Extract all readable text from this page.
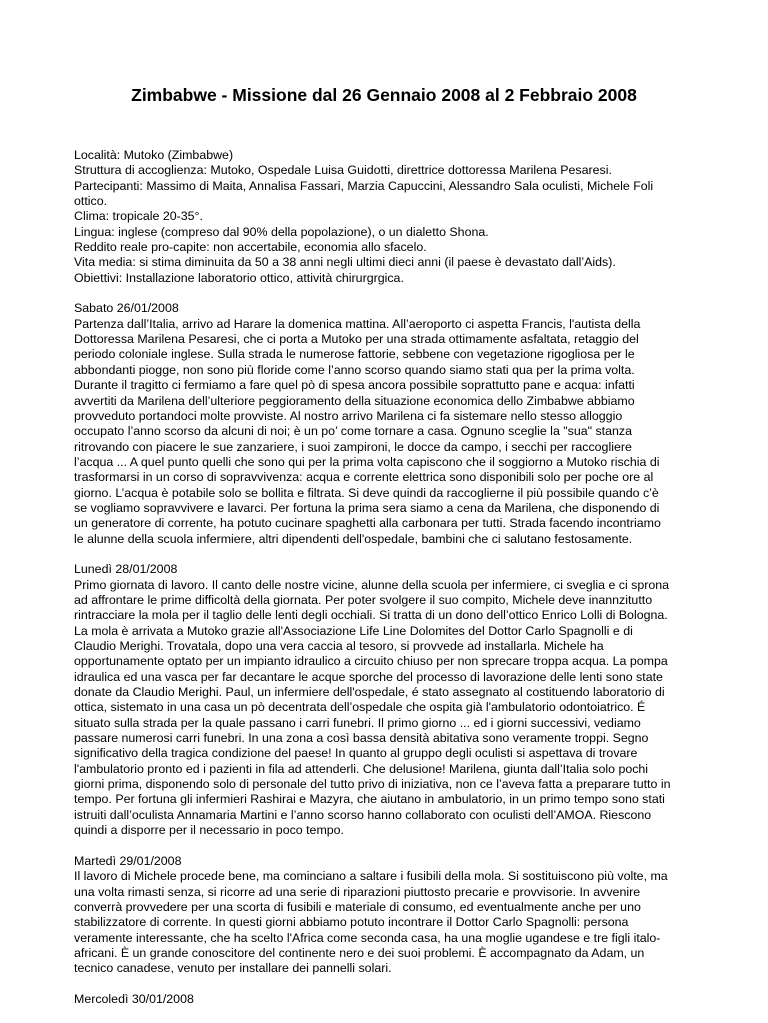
Zimbabwe - Missione dal 26 Gennaio 2008 al 2 Febbraio 2008
Località: Mutoko (Zimbabwe)
Struttura di accoglienza: Mutoko, Ospedale Luisa Guidotti, direttrice dottoressa Marilena Pesaresi.
Partecipanti: Massimo di Maita, Annalisa Fassari, Marzia Capuccini, Alessandro Sala oculisti, Michele Foli
ottico.
Clima: tropicale 20-35°.
Lingua: inglese (compreso dal 90% della popolazione), o un dialetto Shona.
Reddito reale pro-capite: non accertabile, economia allo sfacelo.
Vita media: si stima diminuita da 50 a 38 anni negli ultimi dieci anni (il paese è devastato dall’Aids).
Obiettivi: Installazione laboratorio ottico, attività chirurgrgica.
Sabato 26/01/2008
Partenza dall’Italia, arrivo ad Harare la domenica mattina. All’aeroporto ci aspetta Francis, l'autista della
Dottoressa Marilena Pesaresi, che ci porta a Mutoko per una strada ottimamente asfaltata, retaggio del
periodo coloniale inglese. Sulla strada le numerose fattorie, sebbene con vegetazione rigogliosa per le
abbondanti piogge, non sono più floride come l’anno scorso quando siamo stati qua per la prima volta.
Durante il tragitto ci fermiamo a fare quel pò di spesa ancora possibile soprattutto pane e acqua: infatti
avvertiti da Marilena dell’ulteriore peggioramento della situazione economica dello Zimbabwe abbiamo
provveduto portandoci molte provviste. Al nostro arrivo Marilena ci fa sistemare nello stesso alloggio
occupato l’anno scorso da alcuni di noi; è un po’ come tornare a casa. Ognuno sceglie la "sua" stanza
ritrovando con piacere le sue zanzariere, i suoi zampironi, le docce da campo, i secchi per raccogliere
l’acqua ... A quel punto quelli che sono qui per la prima volta capiscono che il soggiorno a Mutoko rischia di
trasformarsi in un corso di sopravvivenza: acqua e corrente elettrica sono disponibili solo per poche ore al
giorno. L’acqua è potabile solo se bollita e filtrata. Si deve quindi da raccoglierne il più possibile quando c’è
se vogliamo sopravvivere e lavarci. Per fortuna la prima sera siamo a cena da Marilena, che disponendo di
un generatore di corrente, ha potuto cucinare spaghetti alla carbonara per tutti. Strada facendo incontriamo
le alunne della scuola infermiere, altri dipendenti dell'ospedale, bambini che ci salutano festosamente.
Lunedì 28/01/2008
Primo giornata di lavoro. Il canto delle nostre vicine, alunne della scuola per infermiere, ci sveglia e ci sprona
ad affrontare le prime difficoltà della giornata. Per poter svolgere il suo compito, Michele deve inannzitutto
rintracciare la mola per il taglio delle lenti degli occhiali. Si tratta di un dono dell’ottico Enrico Lolli di Bologna.
La mola è arrivata a Mutoko grazie all'Associazione Life Line Dolomites del Dottor Carlo Spagnolli e di
Claudio Merighi. Trovatala, dopo una vera caccia al tesoro, si provvede ad installarla. Michele ha
opportunamente optato per un impianto idraulico a circuito chiuso per non sprecare troppa acqua. La pompa
idraulica ed una vasca per far decantare le acque sporche del processo di lavorazione delle lenti sono state
donate da Claudio Merighi. Paul, un infermiere dell'ospedale, é stato assegnato al costituendo laboratorio di
ottica, sistemato in una casa un pò decentrata dell’ospedale che ospita già l'ambulatorio odontoiatrico. É
situato sulla strada per la quale passano i carri funebri. Il primo giorno ... ed i giorni successivi, vediamo
passare numerosi carri funebri. In una zona a così bassa densità abitativa sono veramente troppi. Segno
significativo della tragica condizione del paese! In quanto al gruppo degli oculisti si aspettava di trovare
l'ambulatorio pronto ed i pazienti in fila ad attenderli. Che delusione! Marilena, giunta dall’Italia solo pochi
giorni prima, disponendo solo di personale del tutto privo di iniziativa, non ce l’aveva fatta a preparare tutto in
tempo. Per fortuna gli infermieri Rashirai e Mazyra, che aiutano in ambulatorio, in un primo tempo sono stati
istruiti dall’oculista Annamaria Martini e l’anno scorso hanno collaborato con oculisti dell’AMOA. Riescono
quindi a disporre per il necessario in poco tempo.
Martedì 29/01/2008
Il lavoro di Michele procede bene, ma cominciano a saltare i fusibili della mola. Si sostituiscono più volte, ma
una volta rimasti senza, si ricorre ad una serie di riparazioni piuttosto precarie e provvisorie. In avvenire
converrà provvedere per una scorta di fusibili e materiale di consumo, ed eventualmente anche per uno
stabilizzatore di corrente. In questi giorni abbiamo potuto incontrare il Dottor Carlo Spagnolli: persona
veramente interessante, che ha scelto l'Africa come seconda casa, ha una moglie ugandese e tre figli italo-
africani. È un grande conoscitore del continente nero e dei suoi problemi. È accompagnato da Adam, un
tecnico canadese, venuto per installare dei pannelli solari.
Mercoledì 30/01/2008
